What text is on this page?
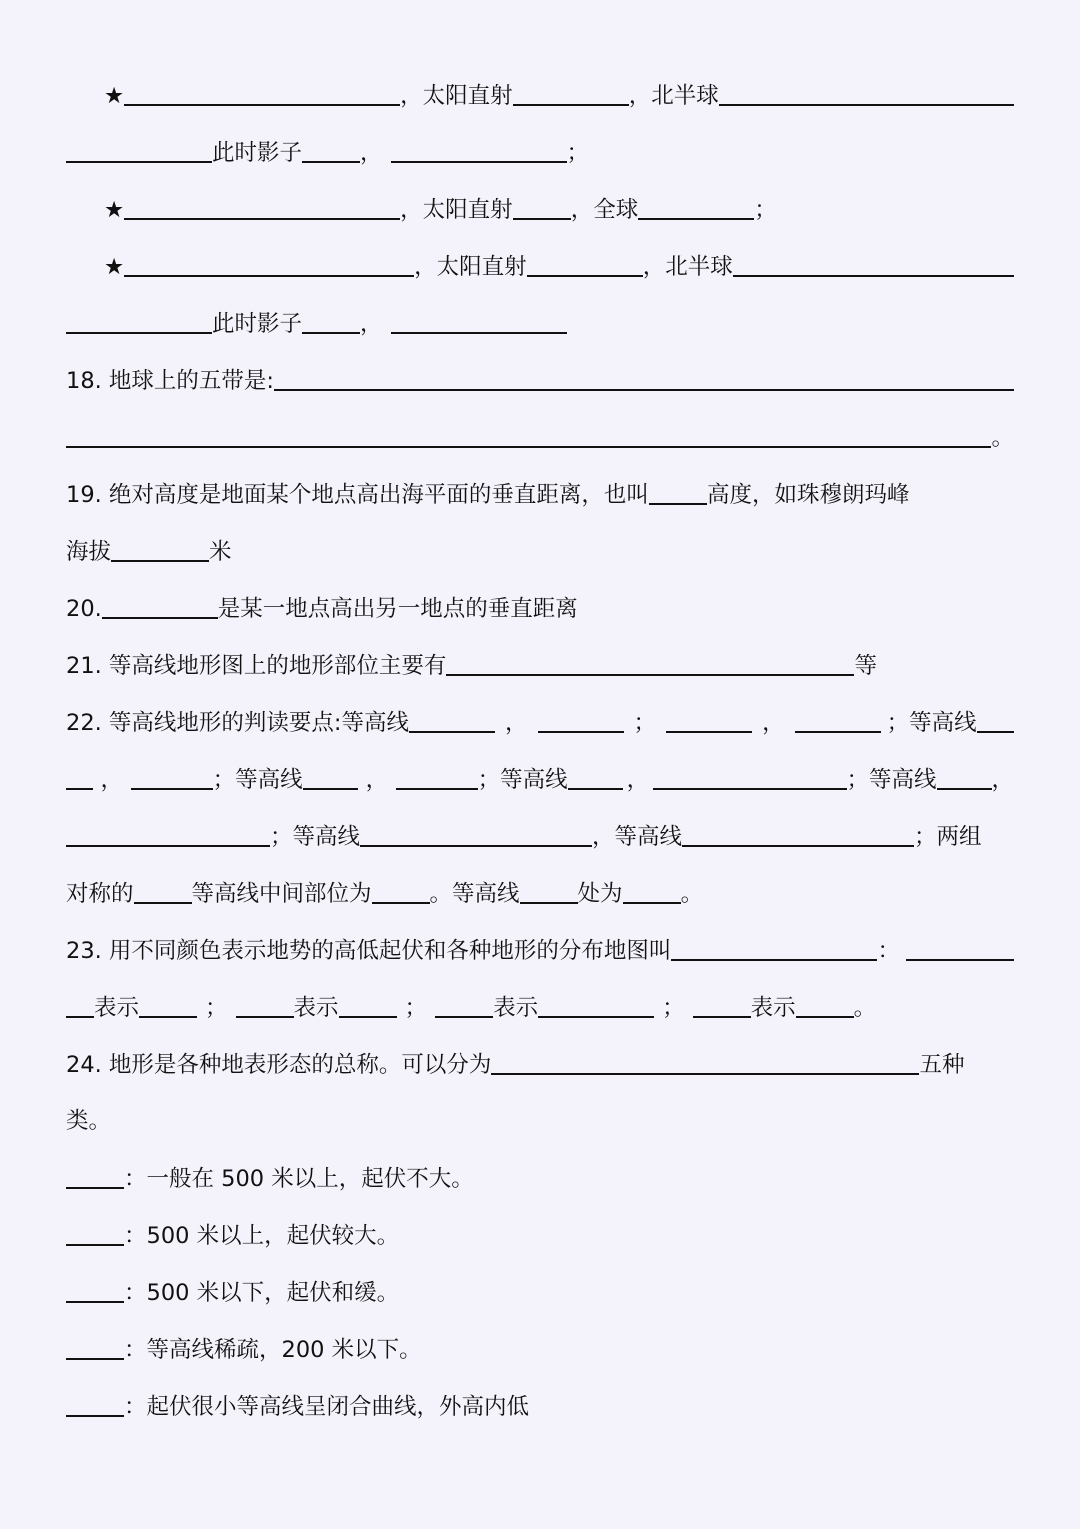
★	，太阳直射	，北半球
此时影子	，	；
★	，太阳直射	，全球	；
★	，太阳直射	，北半球
此时影子	，
18. 地球上的五带是:
。
19. 绝对高度是地面某个地点高出海平面的垂直距离，也叫	高度，如珠穆朗玛峰
海拔	米
20.	是某一地点高出另一地点的垂直距离
21. 等高线地形图上的地形部位主要有	等
22. 等高线地形的判读要点:等高线	，	；	，	；等高线
，	；等高线	，	；等高线	，	；等高线 ，
；等高线	，等高线	；两组
对称的	等高线中间部位为	。等高线	处为	。
23. 用不同颜色表示地势的高低起伏和各种地形的分布地图叫	：
表示	；	表示	；	表示	；	表示	。
24. 地形是各种地表形态的总称。可以分为	五种
类。
：一般在 500 米以上，起伏不大。
：500 米以上，起伏较大。
：500 米以下，起伏和缓。
：等高线稀疏，200 米以下。
：起伏很小等高线呈闭合曲线，外高内低
